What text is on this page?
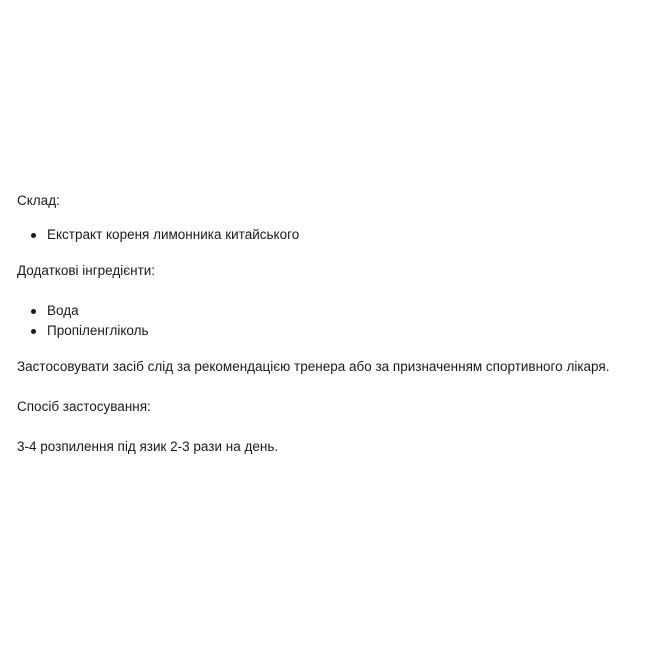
Склад:

Екстракт кореня лимонника китайського

Додаткові інгредієнти:

Вода
Пропіленгліколь

Застосовувати засіб слід за рекомендацією тренера або за призначенням спортивного лікаря.

Спосіб застосування:

3-4 розпилення під язик 2-3 рази на день.
